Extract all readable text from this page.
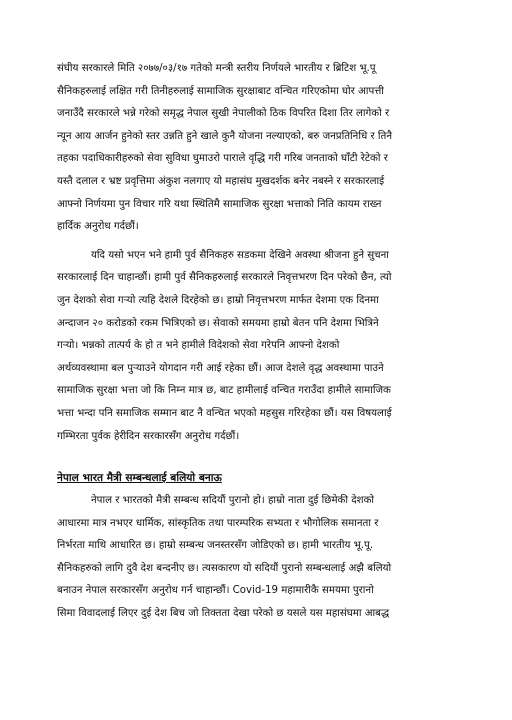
संघीय सरकारले मिति २०७७/०३/१७ गतेको मन्त्री स्तरीय निर्णयले भारतीय र ब्रिटिश भू.पू
सैनिकहरुलाई लक्षित गरी तिनीहरुलाई सामाजिक सुरक्षाबाट वन्चित गरिएकोमा घोर आपत्ती
जनाउँदै सरकारले भन्ने गरेको समृद्ध नेपाल सुखी नेपालीको ठिक विपरित दिशा तिर लागेको र
न्यून आय आर्जन हुनेको स्तर उन्नति हुने खाले कुनै योजना नल्याएको, बरु जनप्रतिनिधि र तिनै
तहका पदाधिकारीहरुको सेवा सुविधा घुमाउरो पाराले वृद्धि गरी गरिब जनताको घाँटी रेटेको र
यस्तै दलाल र भ्रष्ट प्रवृत्तिमा अंकुश नलगाए यो महासंघ मुखदर्शक बनेर नबस्ने र सरकारलाई
आफ्नो निर्णयमा पुन विचार गरि यथा स्थितिमै सामाजिक सुरक्षा भत्ताको निति कायम राख्न
हार्दिक अनुरोध गर्दछौं।
यदि यसो भएन भने हामी पुर्व सैनिकहरु सडकमा देखिने अवस्था श्रीजना हुने सुचना
सरकारलाई दिन चाहान्छौं। हामी पुर्व सैनिकहरुलाई सरकारले निवृत्तभरण दिन परेको छैन, त्यो
जुन देशको सेवा गऱ्यो त्यहि देशले दिरहेको छ। हाम्रो निवृत्तभरण मार्फत देशमा एक दिनमा
अन्दाजन २० करोडको रकम भित्रिएको छ। सेवाको समयमा हाम्रो बेतन पनि देशमा भित्रिने
गऱ्यो। भन्नको तात्पर्य के हो त भने हामीले विदेशको सेवा गरेपनि आफ्नो देशको
अर्थव्यवस्थामा बल पुऱ्याउने योगदान गरी आई रहेका छौं। आज देशले वृद्ध अवस्थामा पाउने
सामाजिक सुरक्षा भत्ता जो कि निम्न मात्र छ, बाट हामीलाई वन्चित गराउँदा हामीले सामाजिक
भत्ता भन्दा पनि समाजिक सम्मान बाट नै वन्चित भएको महसुस गरिरहेका छौं। यस विषयलाई
गम्भिरता पुर्वक हेरीदिन सरकारसँग अनुरोध गर्दछौं।
नेपाल भारत मैत्री सम्बन्धलाई बलियो बनाऊ
नेपाल र भारतको मैत्री सम्बन्ध सदियौं पुरानो हो। हाम्रो नाता दुई छिमेकी देशको
आधारमा मात्र नभएर धार्मिक, सांस्कृतिक तथा पारम्परिक सभ्यता र भौगोलिक समानता र
निर्भरता माथि आधारित छ। हाम्रो सम्बन्ध जनस्तरसँग जोडिएको छ। हामी भारतीय भू.पू.
सैनिकहरुको लागि दुवै देश बन्दनीए छ। त्यसकारण यो सदियौं पुरानो सम्बन्धलाई अझै बलियो
बनाउन नेपाल सरकारसँग अनुरोध गर्न चाहान्छौं। Covid-19 महामारीकै समयमा पुरानो
सिमा विवादलाई लिएर दुई देश बिच जो तिक्तता देखा परेको छ यसले यस महासंघमा आबद्ध
